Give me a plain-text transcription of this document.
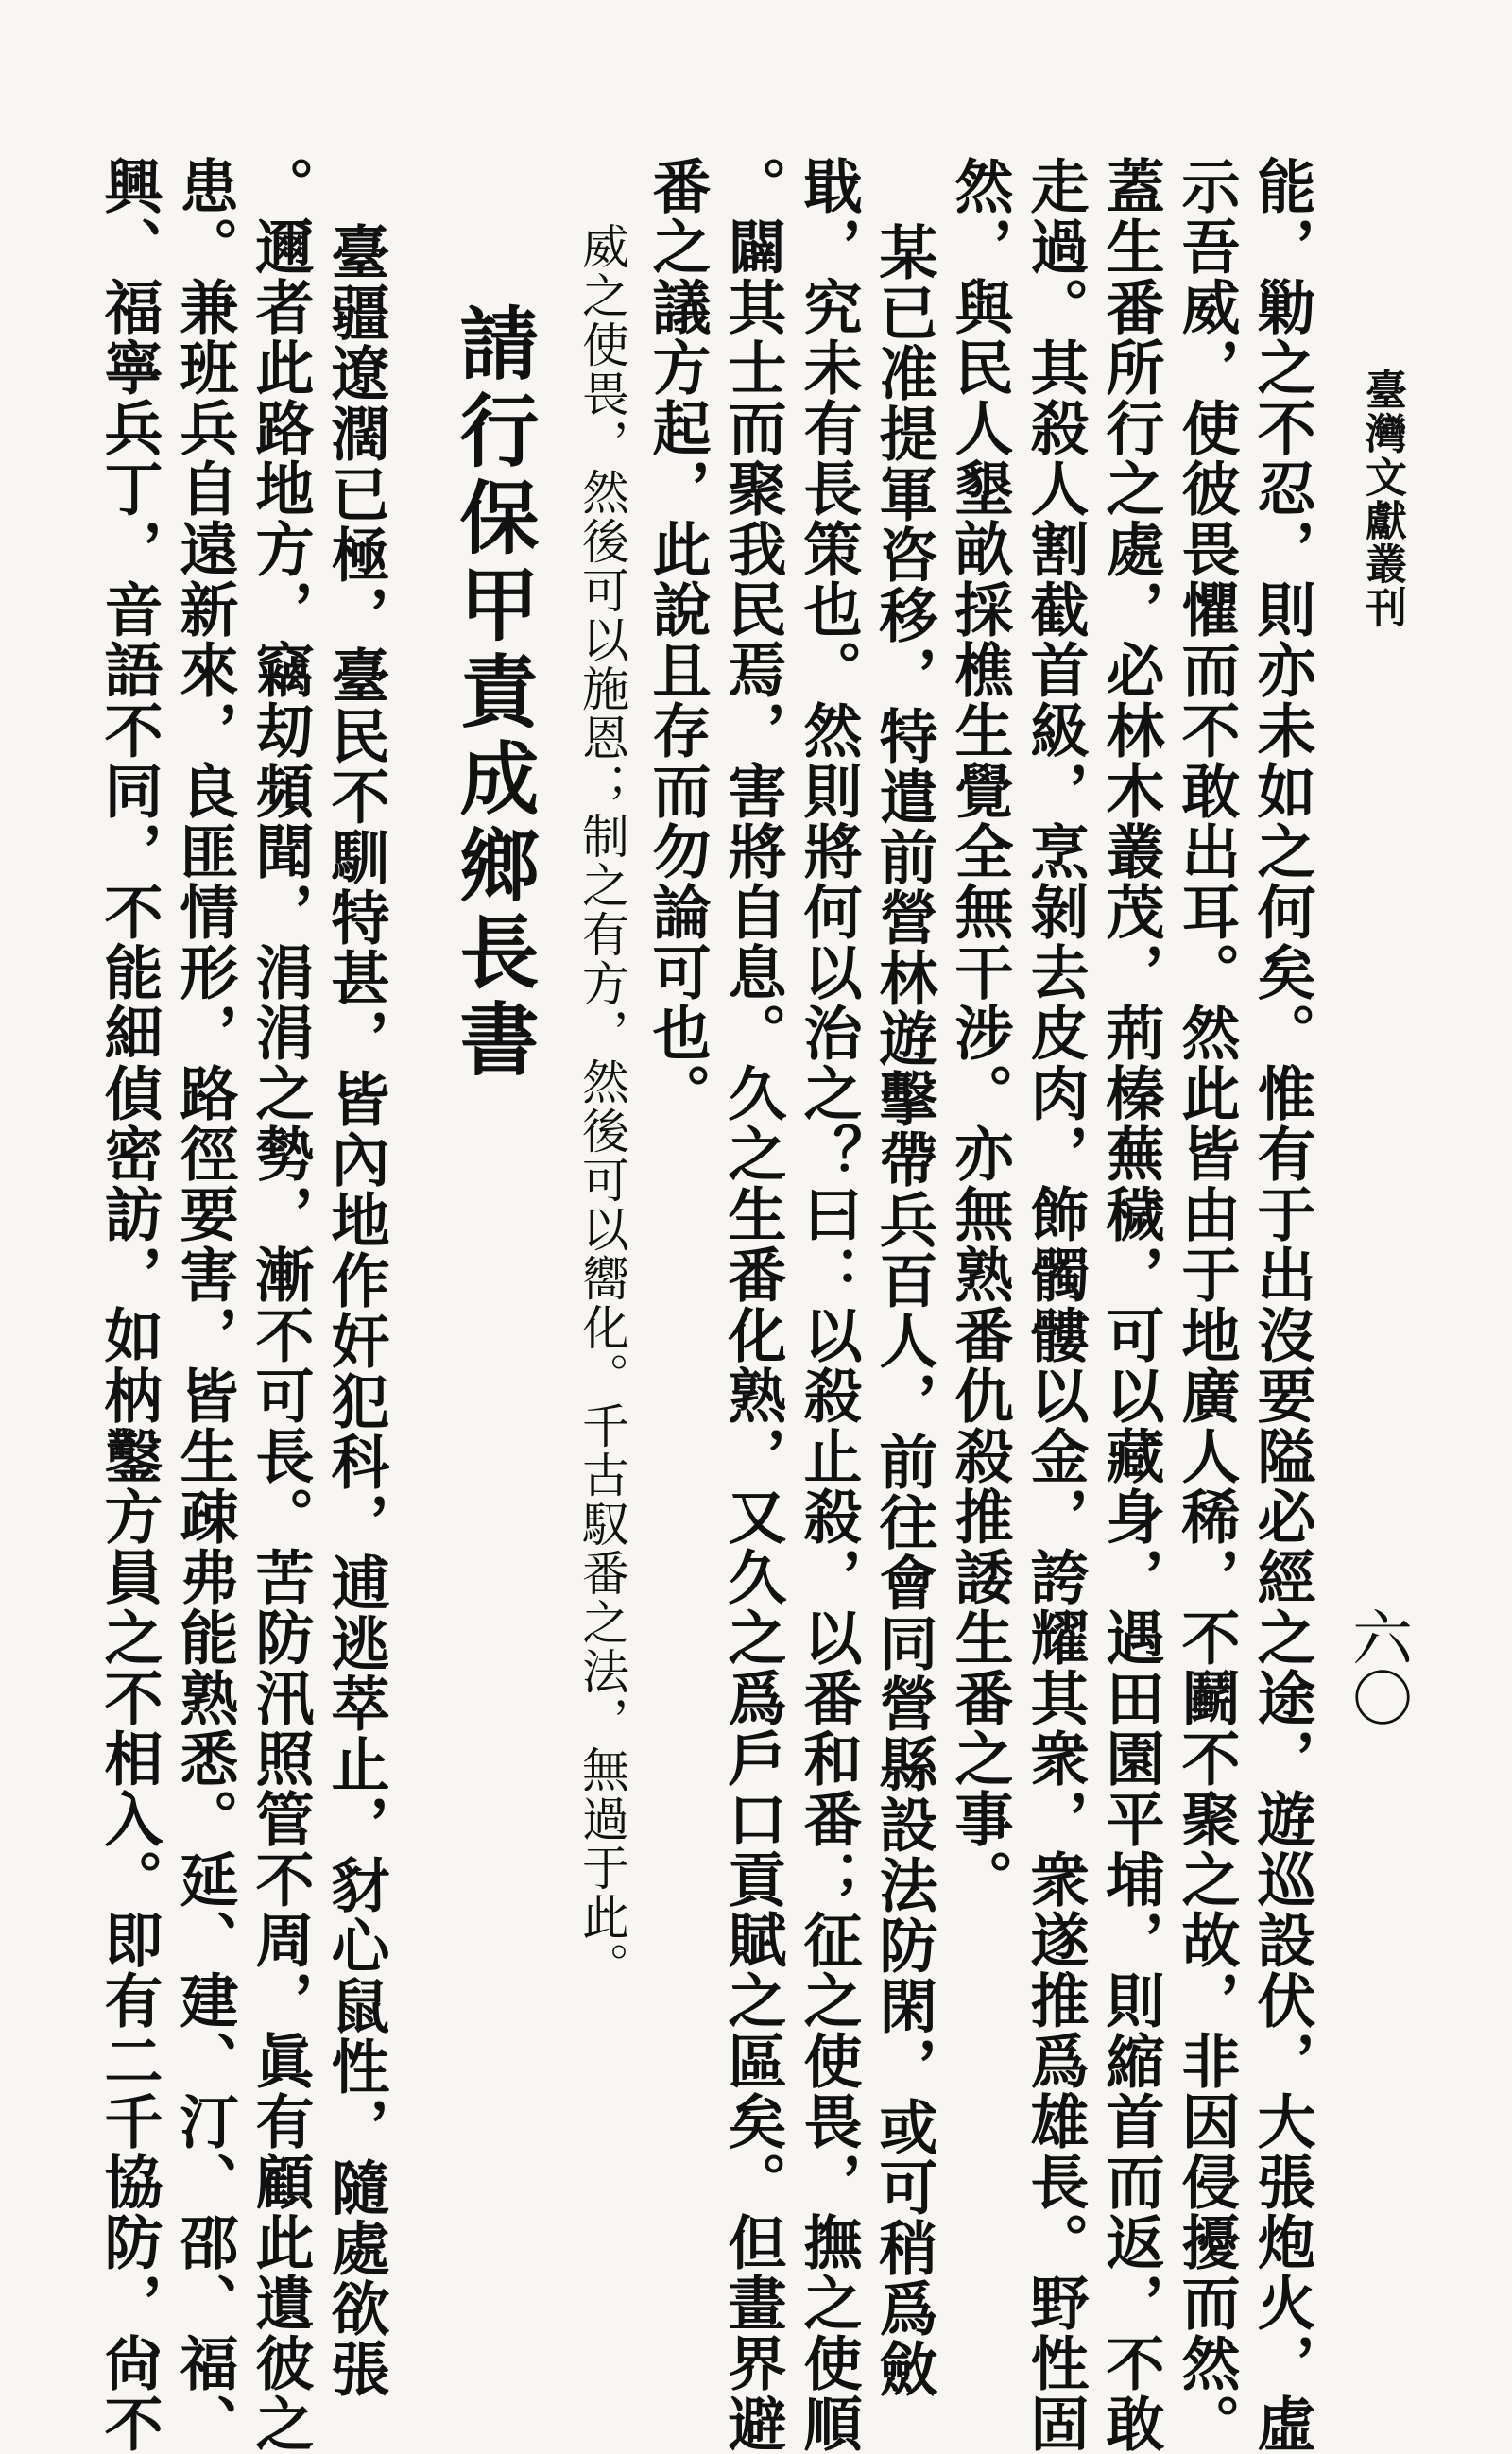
臺灣文獻叢刊
六〇
能，勦之不忍，則亦未如之何矣。惟有于出沒要隘必經之途，遊巡設伏，大張炮火，虛
示吾威，使彼畏懼而不敢出耳。然此皆由于地廣人稀，不鬬不聚之故，非因侵擾而然。
蓋生番所行之處，必林木叢茂，荊榛蕪穢，可以藏身，遇田園平埔，則縮首而返，不敢
走過。其殺人割截首級，烹剝去皮肉，飾髑髏以金，誇耀其衆，衆遂推爲雄長。野性固
然，與民人墾畝採樵生覺全無干涉。亦無熟番仇殺推諉生番之事。
某已准提軍咨移，特遣前營林遊擊帶兵百人，前往會同營縣設法防閑，或可稍爲斂
戢，究未有長策也。然則將何以治之？曰：以殺止殺，以番和番；征之使畏，撫之使順
。闢其士而聚我民焉，害將自息。久之生番化熟，又久之爲戶口貢賦之區矣。但畫界避
番之議方起，此說且存而勿論可也。
威之使畏，然後可以施恩；制之有方，然後可以嚮化。千古馭番之法，無過于此。
請行保甲責成鄉長書
臺疆遼濶已極，臺民不馴特甚，皆內地作奸犯科，逋逃萃止，豺心鼠性，隨處欲張
。邇者此路地方，竊刧頻聞，涓涓之勢，漸不可長。苦防汛照管不周，眞有顧此遺彼之
患。兼班兵自遠新來，良匪情形，路徑要害，皆生疎弗能熟悉。延、建、汀、邵、福、
興、福寧兵丁，音語不同，不能細偵密訪，如枘鑿方員之不相入。即有二千協防，尙不
